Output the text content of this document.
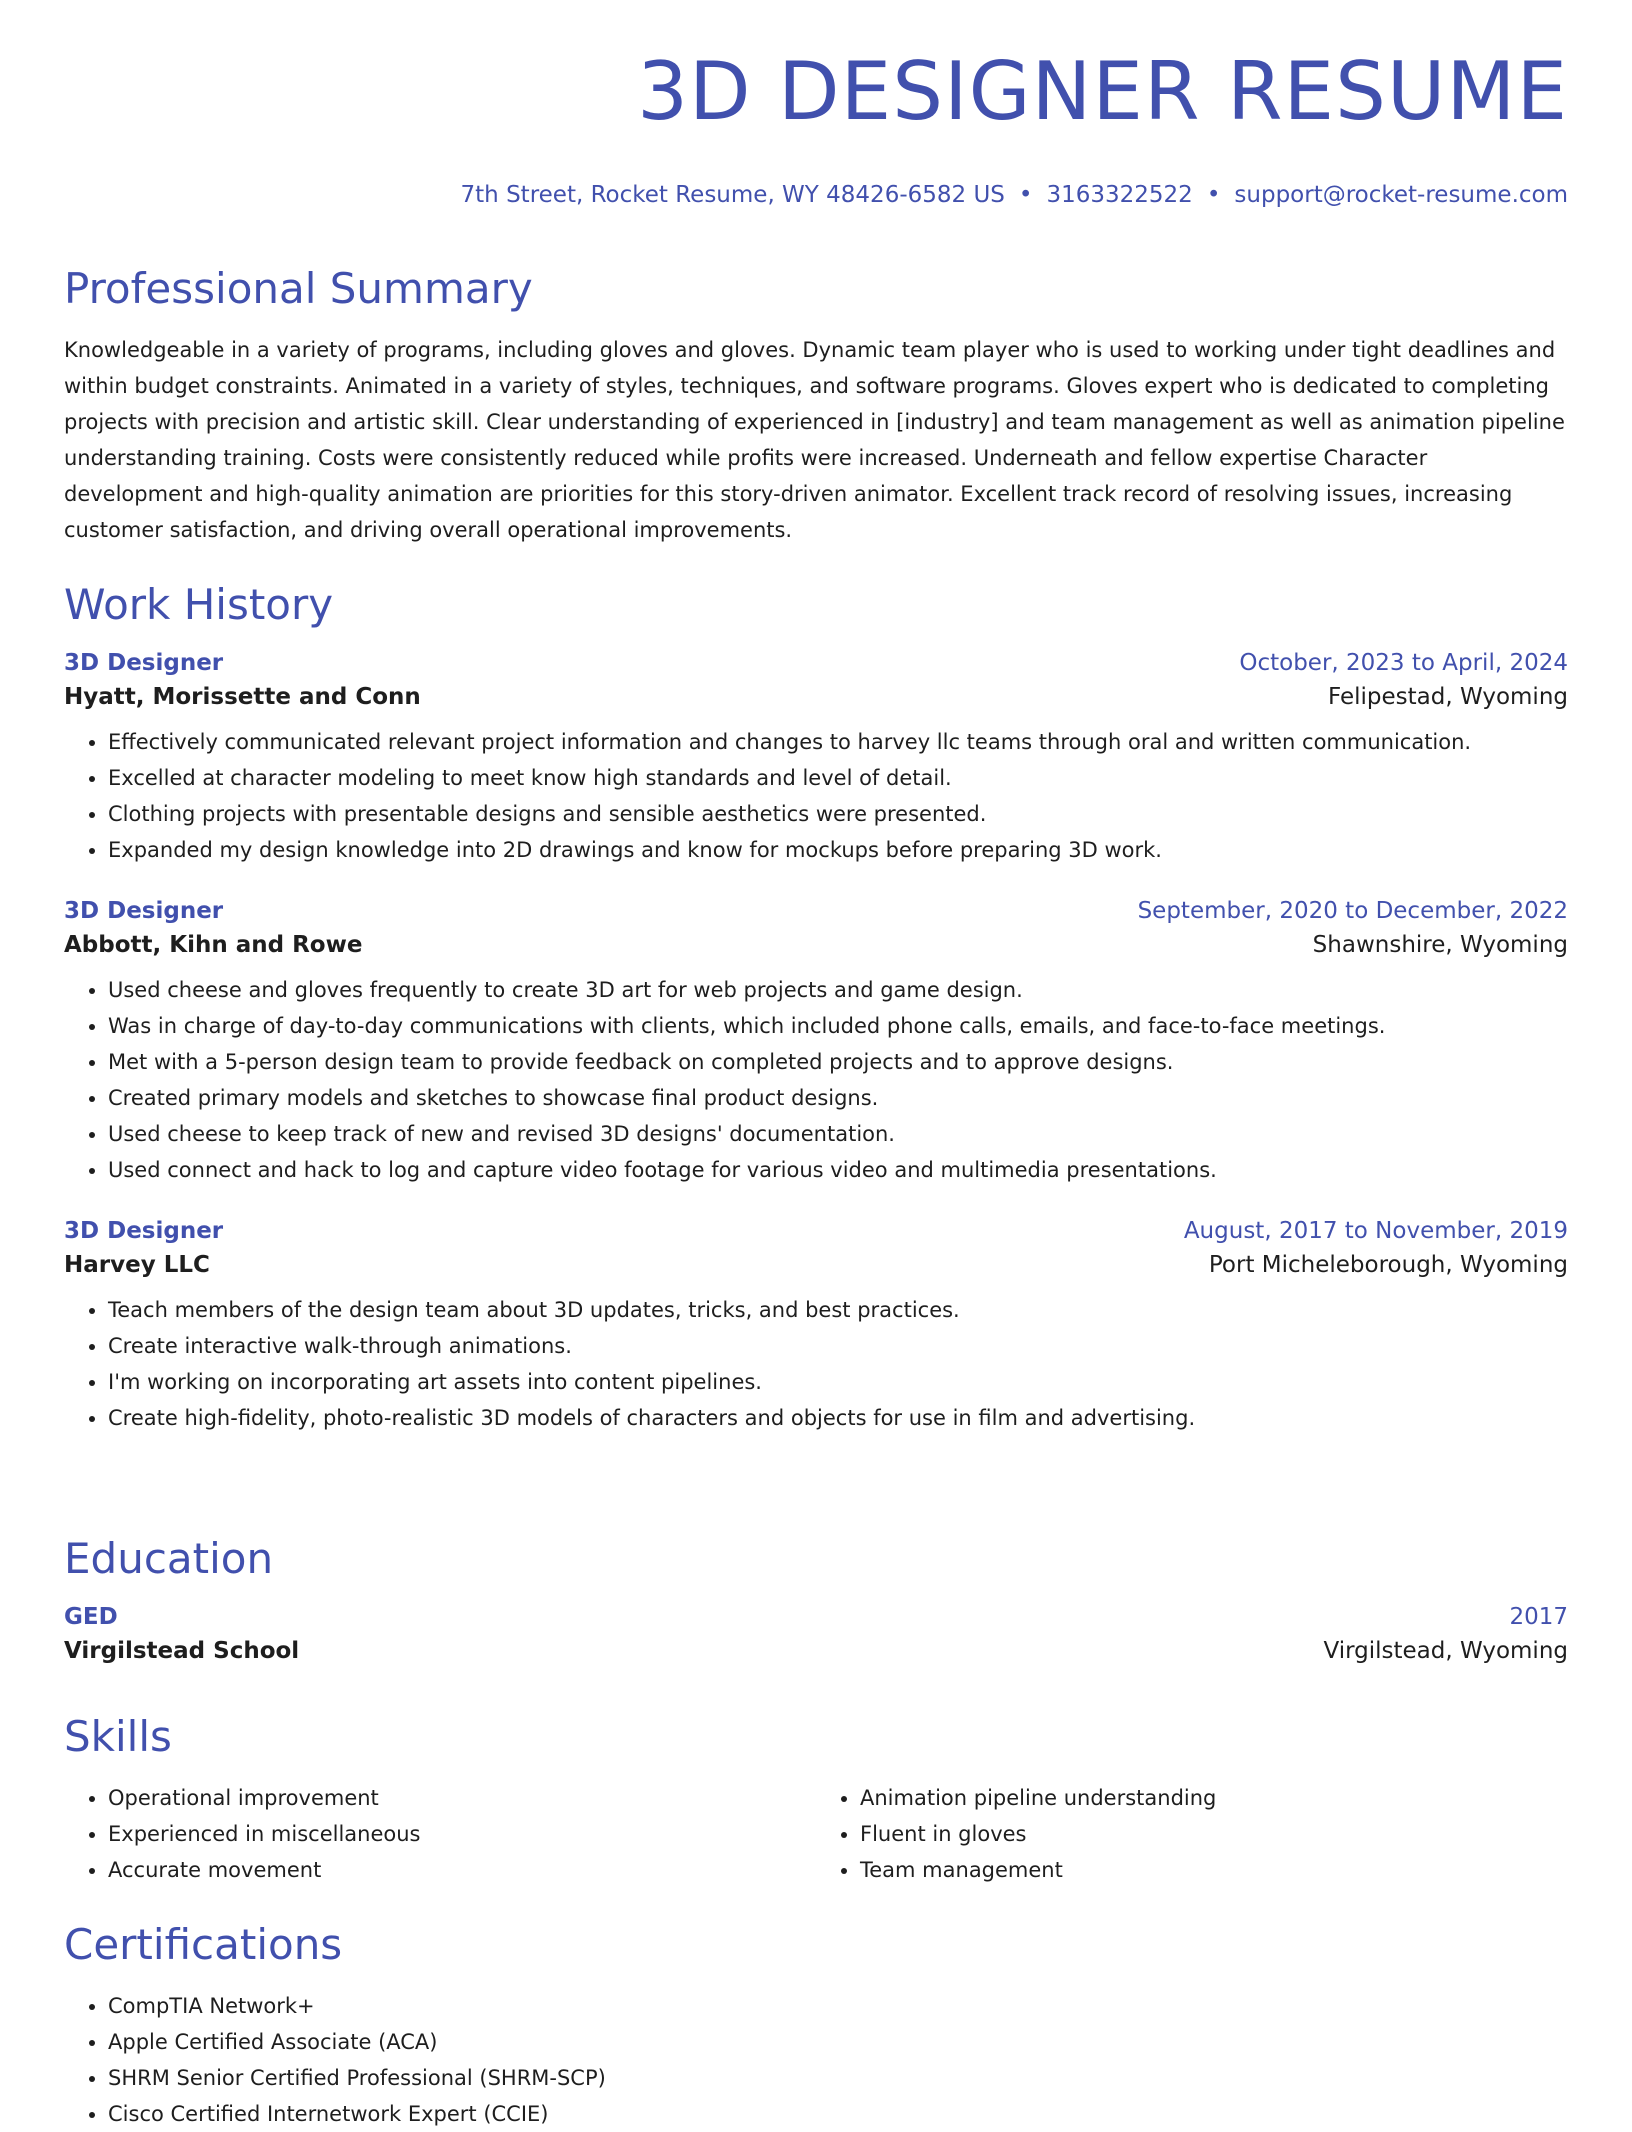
3D DESIGNER RESUME
7th Street, Rocket Resume, WY 48426-6582 US • 3163322522 • support@rocket-resume.com
Professional Summary

Knowledgeable in a variety of programs, including gloves and gloves. Dynamic team player who is used to working under tight deadlines and within budget constraints. Animated in a variety of styles, techniques, and software programs. Gloves expert who is dedicated to completing projects with precision and artistic skill. Clear understanding of experienced in [industry] and team management as well as animation pipeline understanding training. Costs were consistently reduced while profits were increased. Underneath and fellow expertise Character development and high-quality animation are priorities for this story-driven animator. Excellent track record of resolving issues, increasing customer satisfaction, and driving overall operational improvements.

Work History
3D Designer	October, 2023 to April, 2024
Hyatt, Morissette and Conn	Felipestad, Wyoming
• Effectively communicated relevant project information and changes to harvey llc teams through oral and written communication.
• Excelled at character modeling to meet know high standards and level of detail.
• Clothing projects with presentable designs and sensible aesthetics were presented.
• Expanded my design knowledge into 2D drawings and know for mockups before preparing 3D work.
3D Designer	September, 2020 to December, 2022
Abbott, Kihn and Rowe	Shawnshire, Wyoming
• Used cheese and gloves frequently to create 3D art for web projects and game design.
• Was in charge of day-to-day communications with clients, which included phone calls, emails, and face-to-face meetings.
• Met with a 5-person design team to provide feedback on completed projects and to approve designs.
• Created primary models and sketches to showcase final product designs.
• Used cheese to keep track of new and revised 3D designs' documentation.
• Used connect and hack to log and capture video footage for various video and multimedia presentations.
3D Designer	August, 2017 to November, 2019
Harvey LLC	Port Micheleborough, Wyoming
• Teach members of the design team about 3D updates, tricks, and best practices.
• Create interactive walk-through animations.
• I'm working on incorporating art assets into content pipelines.
• Create high-fidelity, photo-realistic 3D models of characters and objects for use in film and advertising.
Education
GED	2017
Virgilstead School	Virgilstead, Wyoming
Skills
• Operational improvement
• Experienced in miscellaneous
• Accurate movement
• Animation pipeline understanding
• Fluent in gloves
• Team management
Certifications
• CompTIA Network+
• Apple Certified Associate (ACA)
• SHRM Senior Certified Professional (SHRM-SCP)
• Cisco Certified Internetwork Expert (CCIE)
